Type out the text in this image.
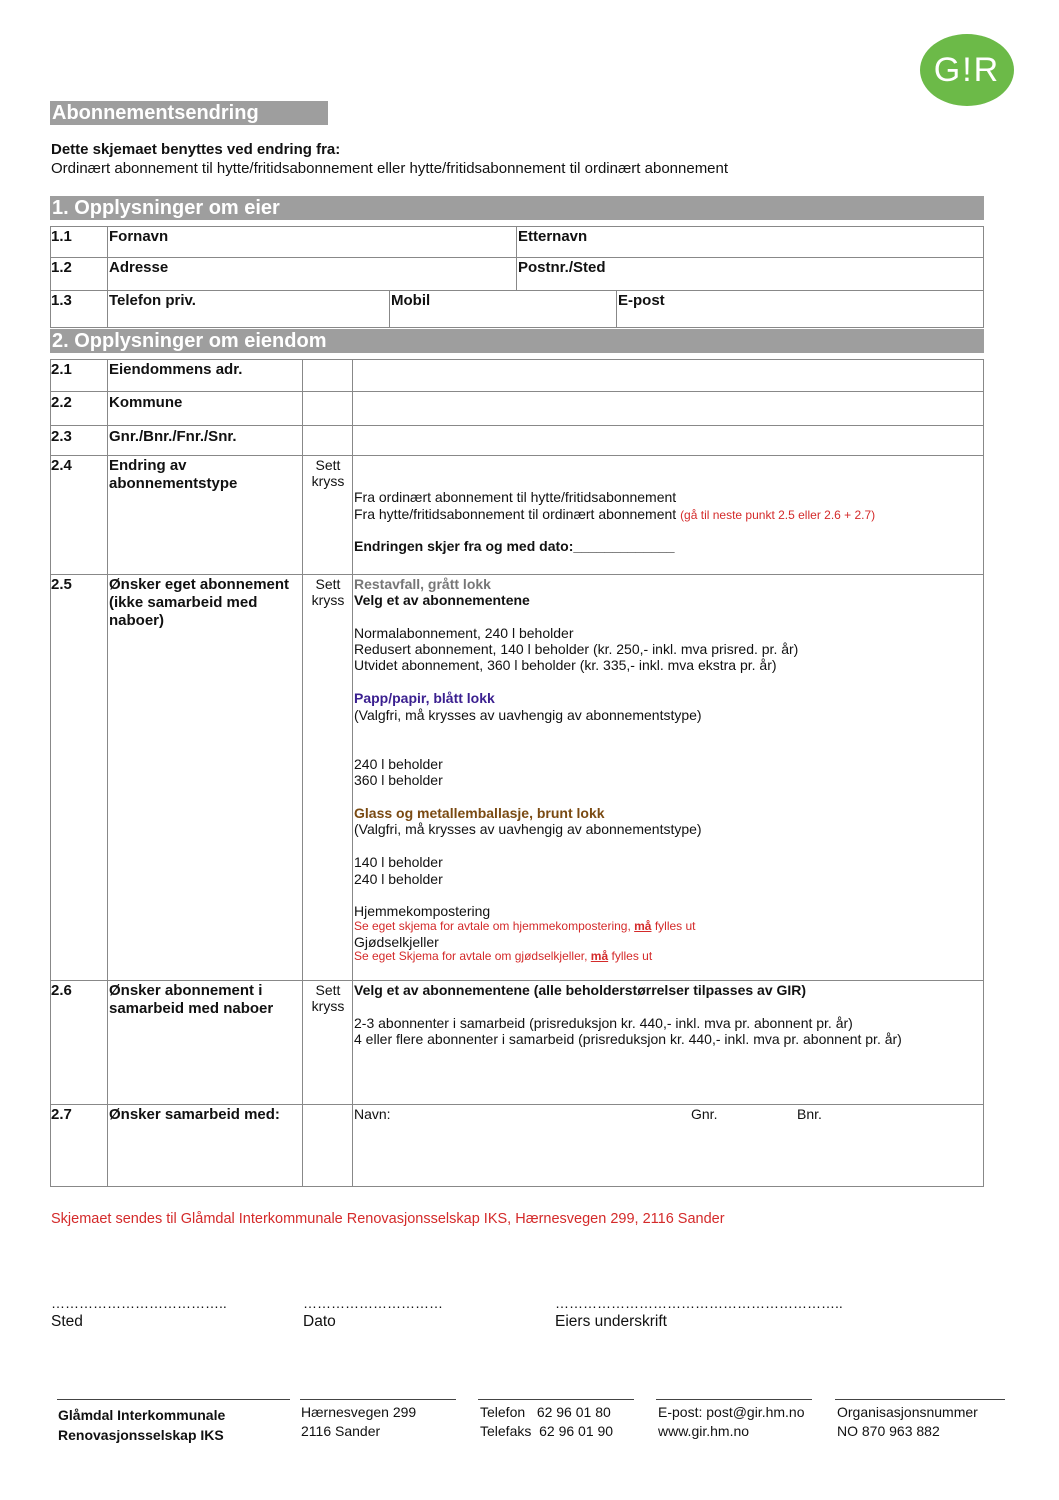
G!R
Abonnementsendring
Dette skjemaet benyttes ved endring fra:
Ordinært abonnement til hytte/fritidsabonnement eller hytte/fritidsabonnement til ordinært abonnement
1. Opplysninger om eier
1.1 Fornavn	Etternavn
1.2 Adresse	Postnr./Sted
1.3 Telefon priv.	Mobil	E-post
2. Opplysninger om eiendom
2.1 Eiendommens adr.
2.2 Kommune
2.3 Gnr./Bnr./Fnr./Snr.
2.4 Endring av abonnementstype
Sett kryss
Fra ordinært abonnement til hytte/fritidsabonnement
Fra hytte/fritidsabonnement til ordinært abonnement (gå til neste punkt 2.5 eller 2.6 + 2.7)
Endringen skjer fra og med dato:_____________
2.5 Ønsker eget abonnement (ikke samarbeid med naboer)
Sett kryss
Restavfall, grått lokk
Velg et av abonnementene
Normalabonnement, 240 l beholder
Redusert abonnement, 140 l beholder (kr. 250,- inkl. mva prisred. pr. år)
Utvidet abonnement, 360 l beholder (kr. 335,- inkl. mva ekstra pr. år)
Papp/papir, blått lokk
(Valgfri, må krysses av uavhengig av abonnementstype)
240 l beholder
360 l beholder
Glass og metallemballasje, brunt lokk
(Valgfri, må krysses av uavhengig av abonnementstype)
140 l beholder
240 l beholder
Hjemmekompostering
Se eget skjema for avtale om hjemmekompostering, må fylles ut
Gjødselkjeller
Se eget Skjema for avtale om gjødselkjeller, må fylles ut
2.6 Ønsker abonnement i samarbeid med naboer
Sett kryss
Velg et av abonnementene (alle beholderstørrelser tilpasses av GIR)
2-3 abonnenter i samarbeid (prisreduksjon kr. 440,- inkl. mva pr. abonnent pr. år)
4 eller flere abonnenter i samarbeid (prisreduksjon kr. 440,- inkl. mva pr. abonnent pr. år)
2.7 Ønsker samarbeid med:	Navn:	Gnr.	Bnr.
Skjemaet sendes til Glåmdal Interkommunale Renovasjonsselskap IKS, Hærnesvegen 299, 2116 Sander
………………………………..	…………………………	……………………………………………………..
Sted	Dato	Eiers underskrift
Glåmdal Interkommunale
Renovasjonsselskap IKS
Hærnesvegen 299
2116 Sander
Telefon   62 96 01 80
Telefaks  62 96 01 90
E-post: post@gir.hm.no
www.gir.hm.no
Organisasjonsnummer
NO 870 963 882
